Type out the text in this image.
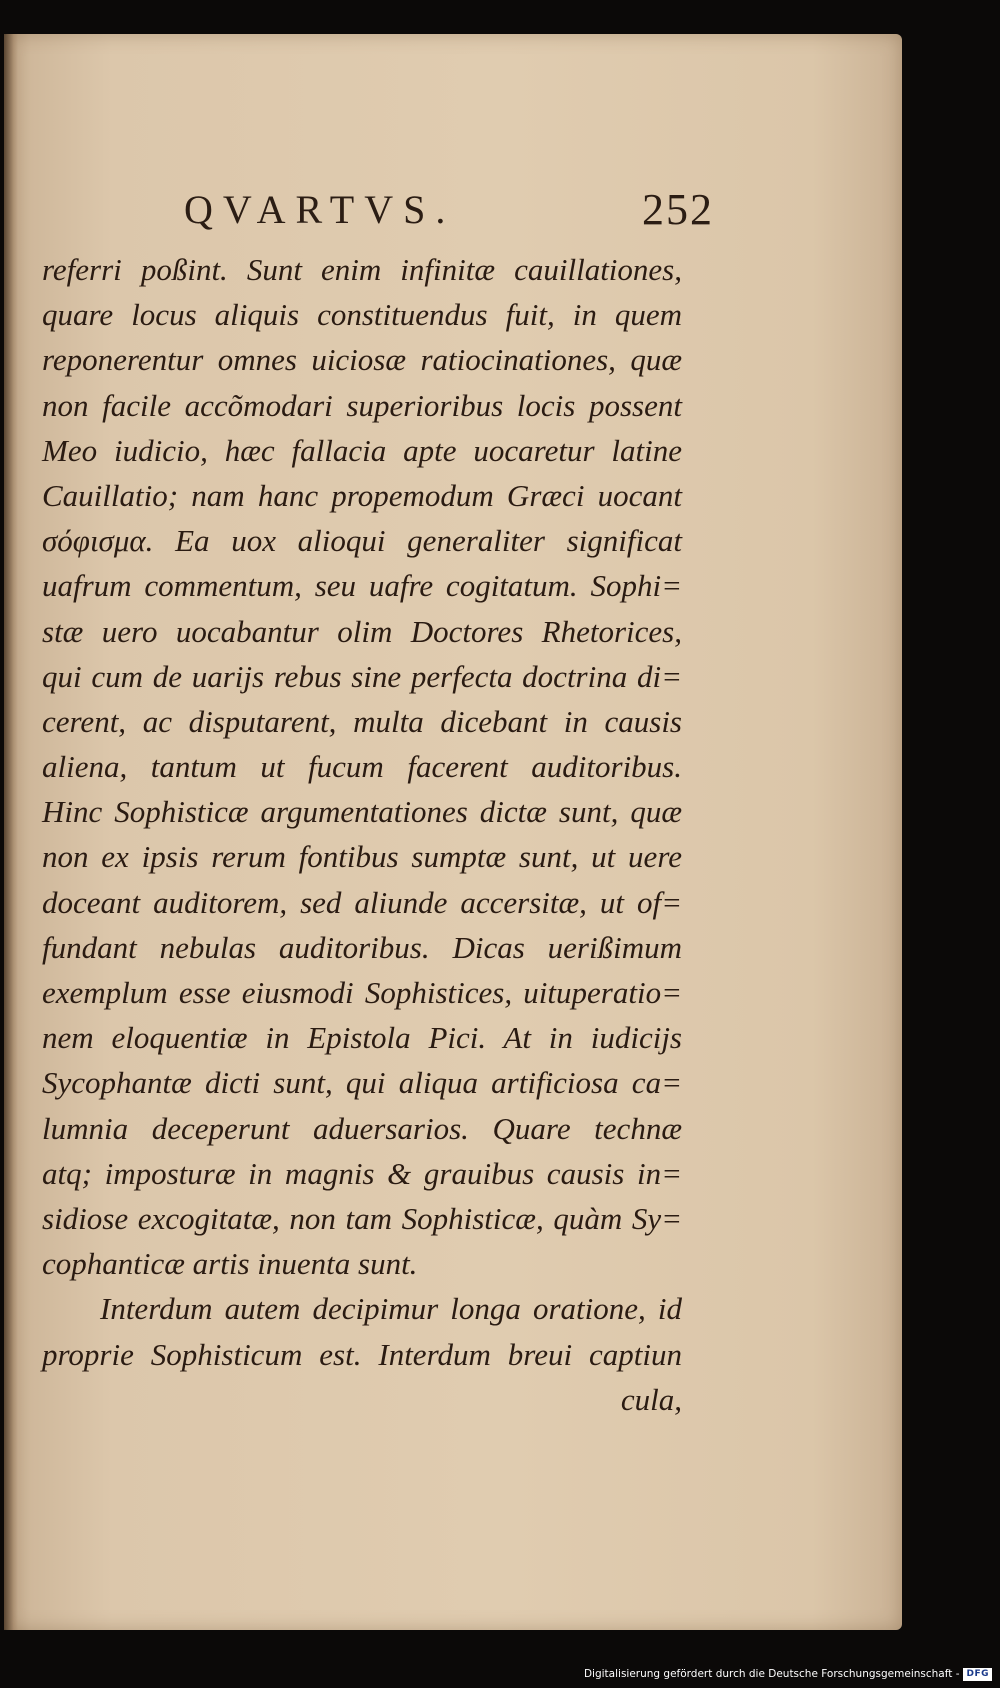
QVARTVS.	252
referri poßint. Sunt enim infinitæ cauillationes,
quare locus aliquis constituendus fuit, in quem
reponerentur omnes uiciosæ ratiocinationes, quæ
non facile accõmodari superioribus locis possent
Meo iudicio, hæc fallacia apte uocaretur latine
Cauillatio; nam hanc propemodum Græci uocant
σόφισμα. Ea uox alioqui generaliter significat
uafrum commentum, seu uafre cogitatum. Sophi=
stæ uero uocabantur olim Doctores Rhetorices,
qui cum de uarijs rebus sine perfecta doctrina di=
cerent, ac disputarent, multa dicebant in causis
aliena, tantum ut fucum facerent auditoribus.
Hinc Sophisticæ argumentationes dictæ sunt, quæ
non ex ipsis rerum fontibus sumptæ sunt, ut uere
doceant auditorem, sed aliunde accersitæ, ut of=
fundant nebulas auditoribus. Dicas uerißimum
exemplum esse eiusmodi Sophistices, uituperatio=
nem eloquentiæ in Epistola Pici. At in iudicijs
Sycophantæ dicti sunt, qui aliqua artificiosa ca=
lumnia deceperunt aduersarios. Quare technæ
atq; imposturæ in magnis & grauibus causis in=
sidiose excogitatæ, non tam Sophisticæ, quàm Sy=
cophanticæ artis inuenta sunt.
Interdum autem decipimur longa oratione, id
proprie Sophisticum est. Interdum breui captiun
cula,
Digitalisierung gefördert durch die Deutsche Forschungsgemeinschaft - DFG
